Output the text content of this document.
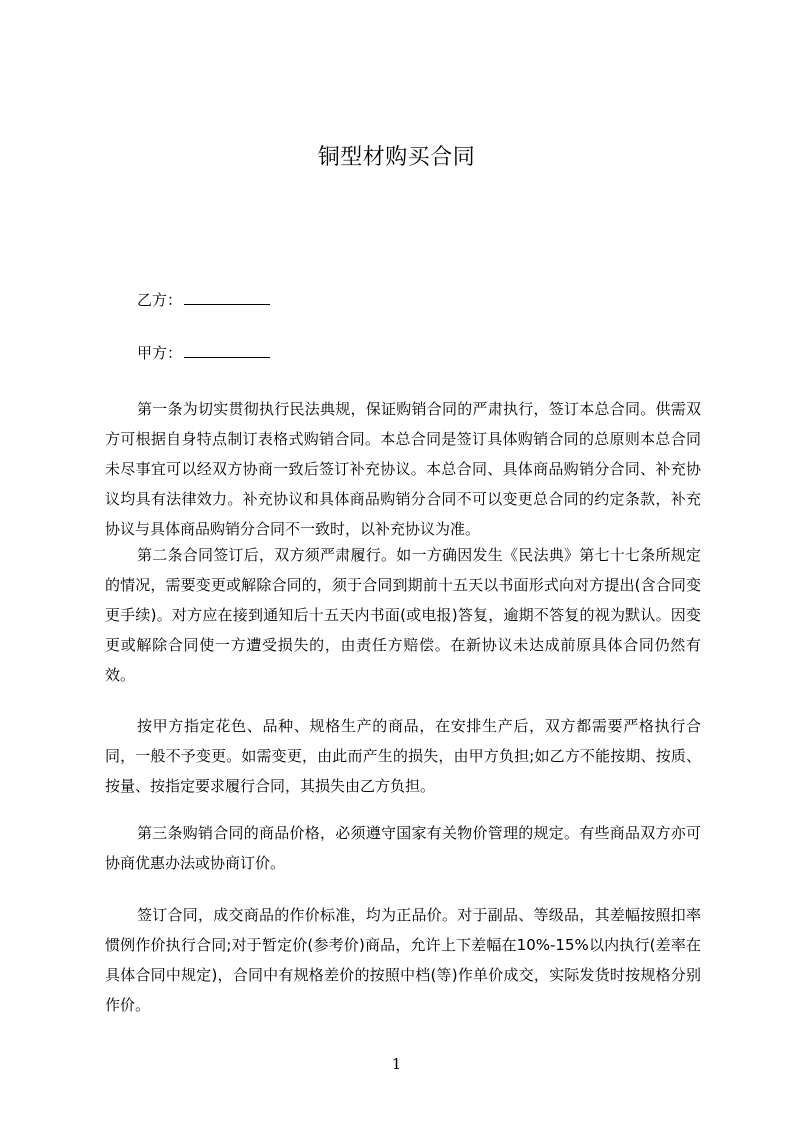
铜型材购买合同
乙方：
甲方：

第一条为切实贯彻执行民法典规，保证购销合同的严肃执行，签订本总合同。供需双方可根据自身特点制订表格式购销合同。本总合同是签订具体购销合同的总原则本总合同未尽事宜可以经双方协商一致后签订补充协议。本总合同、具体商品购销分合同、补充协议均具有法律效力。补充协议和具体商品购销分合同不可以变更总合同的约定条款，补充协议与具体商品购销分合同不一致时，以补充协议为准。

第二条合同签订后，双方须严肃履行。如一方确因发生《民法典》第七十七条所规定的情况，需要变更或解除合同的，须于合同到期前十五天以书面形式向对方提出(含合同变更手续)。对方应在接到通知后十五天内书面(或电报)答复，逾期不答复的视为默认。因变更或解除合同使一方遭受损失的，由责任方赔偿。在新协议未达成前原具体合同仍然有效。

按甲方指定花色、品种、规格生产的商品，在安排生产后，双方都需要严格执行合同，一般不予变更。如需变更，由此而产生的损失，由甲方负担;如乙方不能按期、按质、按量、按指定要求履行合同，其损失由乙方负担。

第三条购销合同的商品价格，必须遵守国家有关物价管理的规定。有些商品双方亦可协商优惠办法或协商订价。

签订合同，成交商品的作价标准，均为正品价。对于副品、等级品，其差幅按照扣率惯例作价执行合同;对于暂定价(参考价)商品，允许上下差幅在10%-15%以内执行(差率在具体合同中规定)，合同中有规格差价的按照中档(等)作单价成交，实际发货时按规格分别作价。

1
